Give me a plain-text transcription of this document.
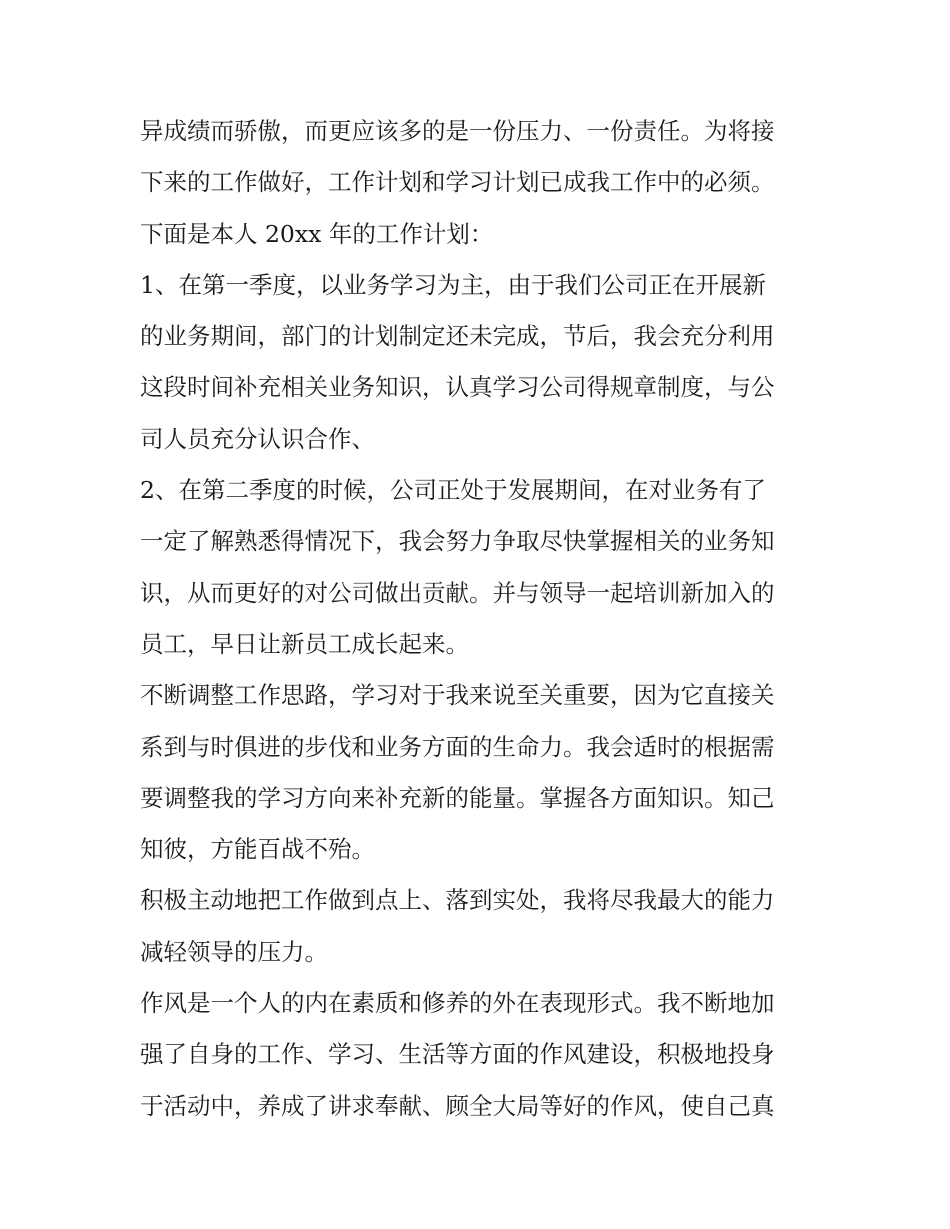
异成绩而骄傲，而更应该多的是一份压力、一份责任。为将接
下来的工作做好，工作计划和学习计划已成我工作中的必须。
下面是本人 20xx 年的工作计划：
1、在第一季度，以业务学习为主，由于我们公司正在开展新
的业务期间，部门的计划制定还未完成，节后，我会充分利用
这段时间补充相关业务知识，认真学习公司得规章制度，与公
司人员充分认识合作、
2、在第二季度的时候，公司正处于发展期间，在对业务有了
一定了解熟悉得情况下，我会努力争取尽快掌握相关的业务知
识，从而更好的对公司做出贡献。并与领导一起培训新加入的
员工，早日让新员工成长起来。
不断调整工作思路，学习对于我来说至关重要，因为它直接关
系到与时俱进的步伐和业务方面的生命力。我会适时的根据需
要调整我的学习方向来补充新的能量。掌握各方面知识。知己
知彼，方能百战不殆。
积极主动地把工作做到点上、落到实处，我将尽我最大的能力
减轻领导的压力。
作风是一个人的内在素质和修养的外在表现形式。我不断地加
强了自身的工作、学习、生活等方面的作风建设，积极地投身
于活动中，养成了讲求奉献、顾全大局等好的作风，使自己真
